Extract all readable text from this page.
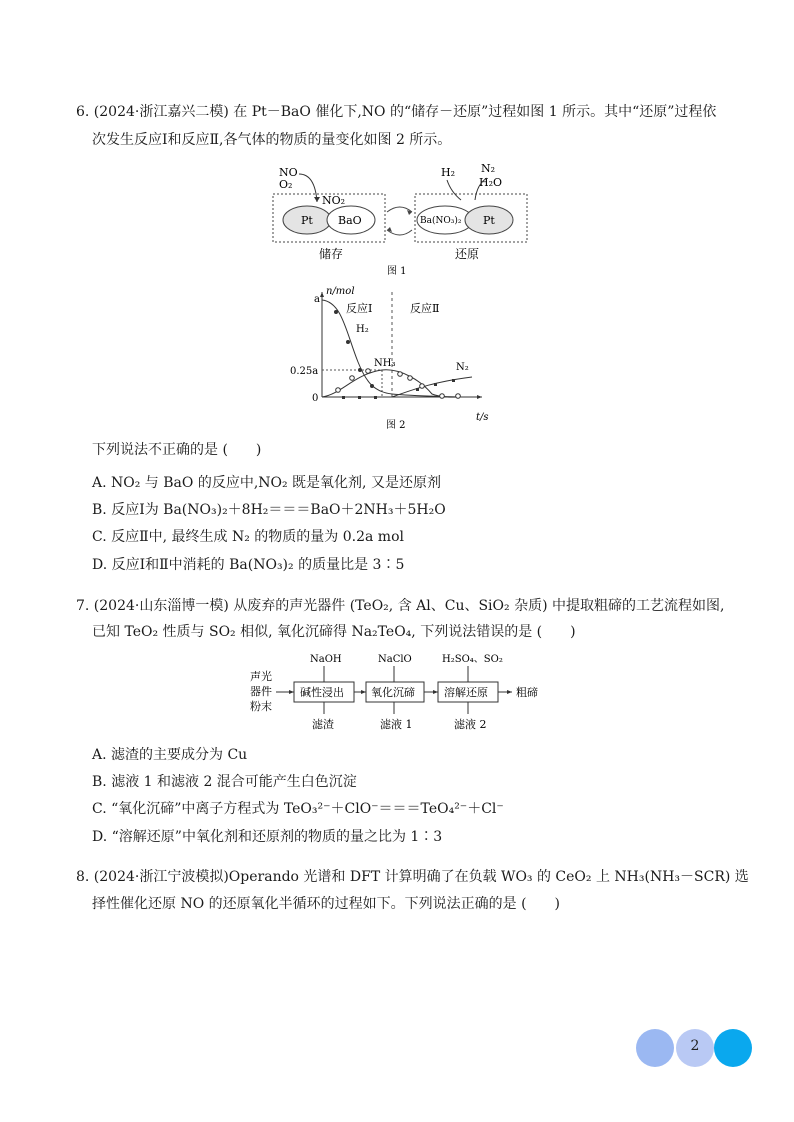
6. (2024·浙江嘉兴二模) 在 Pt－BaO 催化下,NO 的“储存－还原”过程如图 1 所示。其中“还原”过程依
次发生反应Ⅰ和反应Ⅱ,各气体的物质的量变化如图 2 所示。
NO
O₂
NO₂
Pt BaO
H₂ N₂
H₂O
Ba(NO₃)₂ Pt
储存	还原
图 1
n/mol
t/s
a
0.25a
0
反应Ⅰ	反应Ⅱ
H₂
NH₃	N₂
图 2
下列说法不正确的是 (　　)
A. NO₂ 与 BaO 的反应中,NO₂ 既是氧化剂, 又是还原剂
B. 反应Ⅰ为 Ba(NO₃)₂＋8H₂＝＝＝BaO＋2NH₃＋5H₂O
C. 反应Ⅱ中, 最终生成 N₂ 的物质的量为 0.2a mol
D. 反应Ⅰ和Ⅱ中消耗的 Ba(NO₃)₂ 的质量比是 3∶5
7. (2024·山东淄博一模) 从废弃的声光器件 (TeO₂, 含 Al、Cu、SiO₂ 杂质) 中提取粗碲的工艺流程如图,
已知 TeO₂ 性质与 SO₂ 相似, 氧化沉碲得 Na₂TeO₄, 下列说法错误的是 (　　)
声光
器件
粉末
NaOH	NaClO	H₂SO₄、SO₂
碱性浸出 氧化沉碲	溶解还原	粗碲
滤渣	滤液 1	滤液 2
A. 滤渣的主要成分为 Cu
B. 滤液 1 和滤液 2 混合可能产生白色沉淀
C. “氧化沉碲”中离子方程式为 TeO₃²⁻＋ClO⁻＝＝＝TeO₄²⁻＋Cl⁻
D. “溶解还原”中氧化剂和还原剂的物质的量之比为 1∶3
8. (2024·浙江宁波模拟)Operando 光谱和 DFT 计算明确了在负载 WO₃ 的 CeO₂ 上 NH₃(NH₃－SCR) 选
择性催化还原 NO 的还原氧化半循环的过程如下。下列说法正确的是 (　　)
2
